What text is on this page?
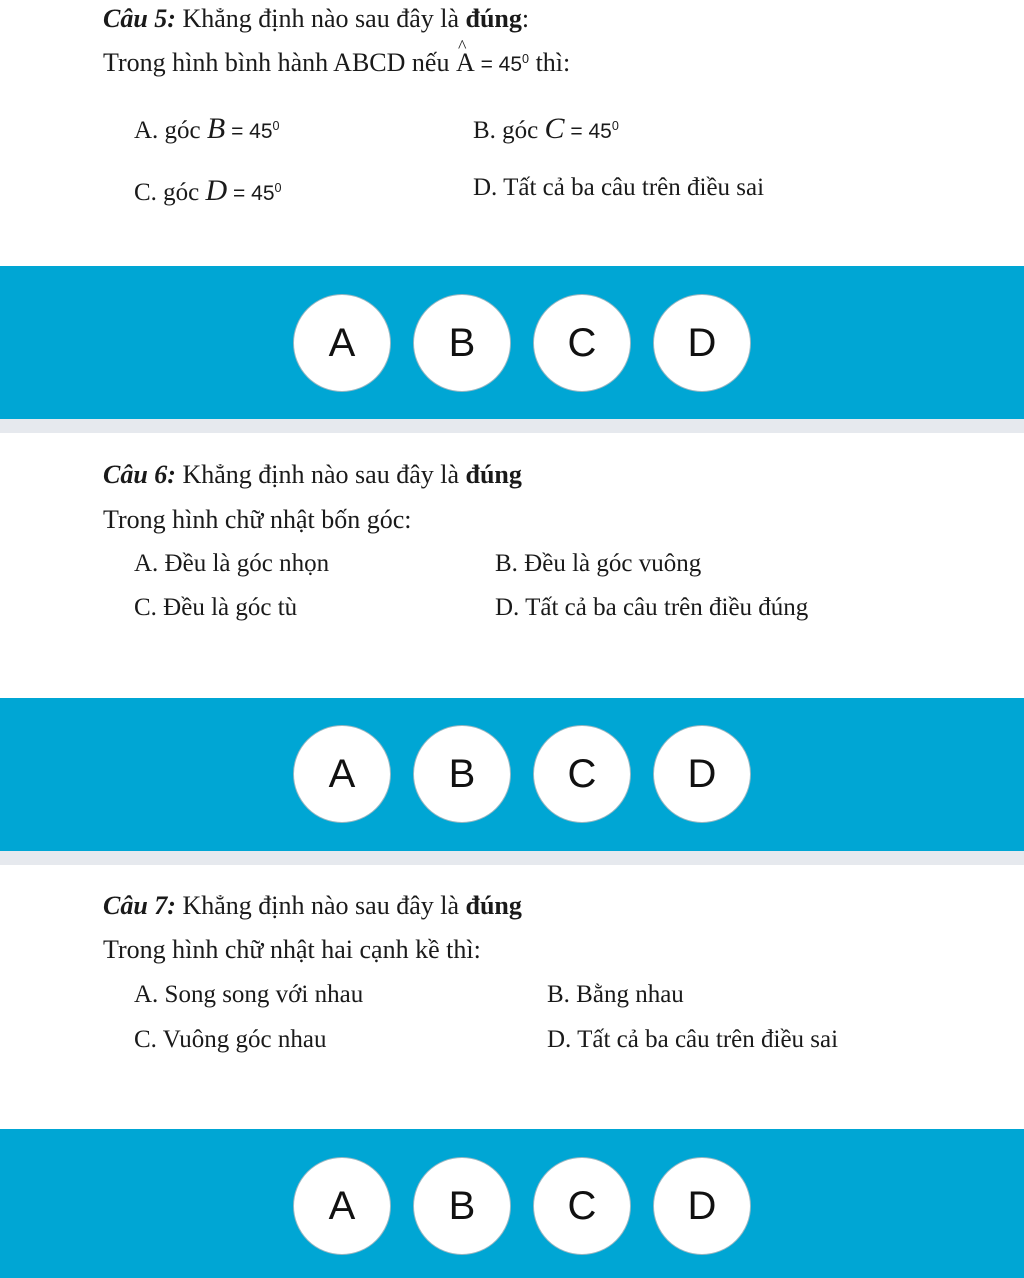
Câu 5: Khẳng định nào sau đây là đúng:
Trong hình bình hành ABCD nếu ^ $A = 45^0$ thì:
A. góc $B = 45^0$	B. góc $C = 45^0$
C. góc $D = 45^0$	D. Tất cả ba câu trên điều sai
A	B	C	D
Câu 6: Khẳng định nào sau đây là đúng
Trong hình chữ nhật bốn góc:
A. Đều là góc nhọn	B. Đều là góc vuông
C. Đều là góc tù	D. Tất cả ba câu trên điều đúng
A	B	C	D
Câu 7: Khẳng định nào sau đây là đúng
Trong hình chữ nhật hai cạnh kề thì:
A. Song song với nhau	B. Bằng nhau
C. Vuông góc nhau	D. Tất cả ba câu trên điều sai
A	B	C	D
